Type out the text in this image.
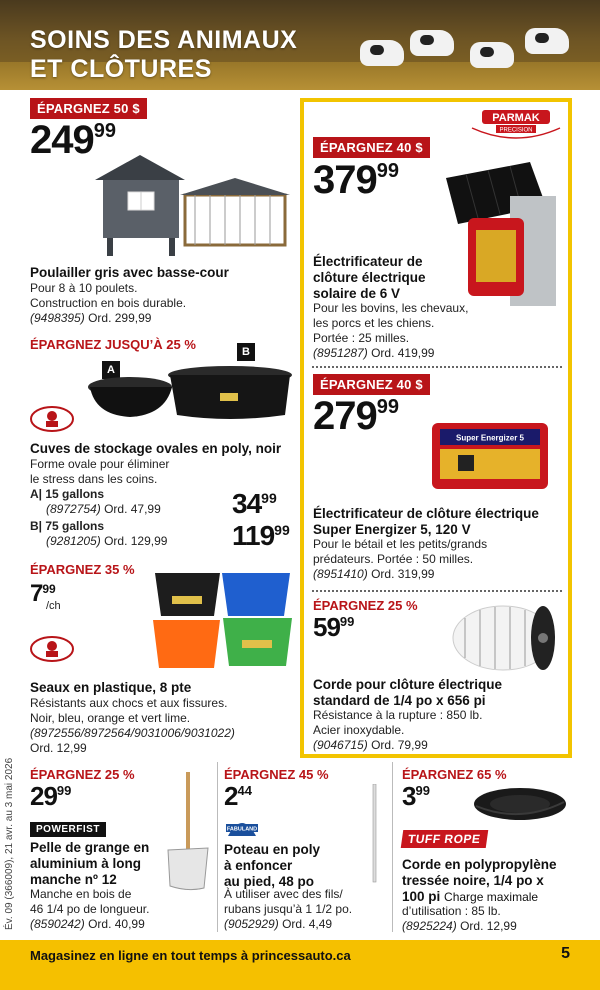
SOINS DES ANIMAUX
ET CLÔTURES
ÉPARGNEZ 50 $
$249^{99}$
Poulailler gris avec basse-cour
Pour 8 à 10 poulets.
Construction en bois durable.
(9498395) Ord. 299,99
ÉPARGNEZ JUSQU’À 25 %	B
A
Cuves de stockage ovales en poly, noir
Forme ovale pour éliminer
le stress dans les coins.
A| 15 gallons
(8972754) Ord. 47,99	$34^{99}$
B| 75 gallons
(9281205) Ord. 129,99 $119^{99}$
ÉPARGNEZ 35 %
$7^{99}$
/ch
Seaux en plastique, 8 pte
Résistants aux chocs et aux fissures.
Noir, bleu, orange et vert lime.
(8972556/8972564/9031006/9031022)
Ord. 12,99
PARMAK
PRECISION
ÉPARGNEZ 40 $
$379^{99}$
Électrificateur de
clôture électrique
solaire de 6 V
Pour les bovins, les chevaux,
les porcs et les chiens.
Portée : 25 milles.
(8951287) Ord. 419,99
ÉPARGNEZ 40 $
$279^{99}$
Super Energizer 5
Électrificateur de clôture électrique
Super Energizer 5, 120 V
Pour le bétail et les petits/grands
prédateurs. Portée : 50 milles.
(8951410) Ord. 319,99
ÉPARGNEZ 25 %
$59^{99}$
Corde pour clôture électrique
standard de 1/4 po x 656 pi
Résistance à la rupture : 850 lb.
Acier inoxydable.
(9046715) Ord. 79,99
ÉPARGNEZ 25 %
$29^{99}$
POWERFIST
Pelle de grange en
aluminium à long
manche nº 12
Manche en bois de
46 1/4 po de longueur.
(8590242) Ord. 40,99
ÉPARGNEZ 45 %
$2^{44}$
FABULAND
Poteau en poly
à enfoncer
au pied, 48 po
À utiliser avec des fils/
rubans jusqu’à 1 1/2 po.
(9052929) Ord. 4,49
ÉPARGNEZ 65 %
$3^{99}$
TUFF ROPE
Corde en polypropylène
tressée noire, 1/4 po x
100 pi Charge maximale
d’utilisation : 85 lb.
(8925224) Ord. 12,99
Év. 09 (366009), 21 avr. au 3 mai 2026
Magasinez en ligne en tout temps à princessauto.ca	5
